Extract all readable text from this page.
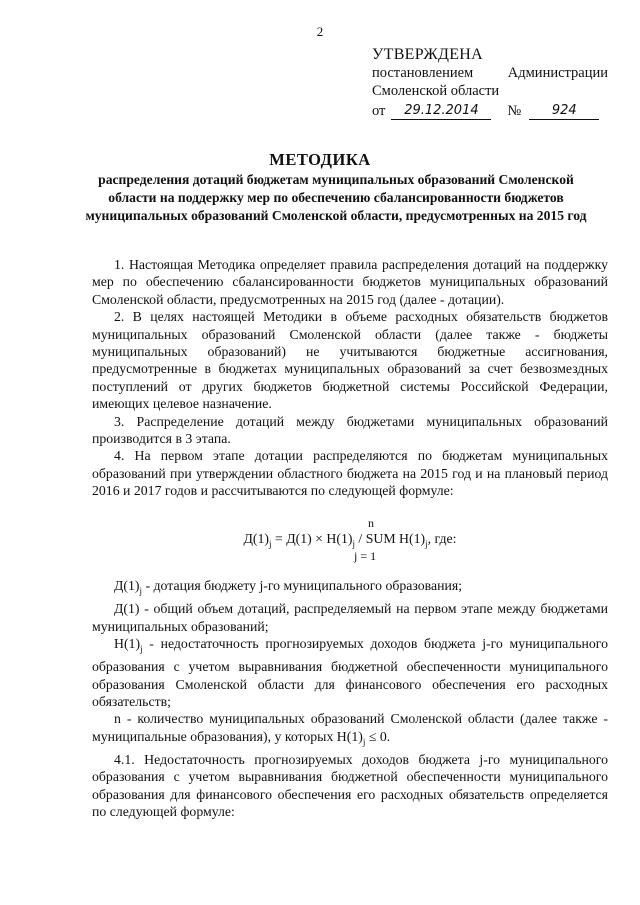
2
УТВЕРЖДЕНА
постановлением Администрации
Смоленской области
от	29.12.2014	№	924
МЕТОДИКА
распределения дотаций бюджетам муниципальных образований Смоленской области на поддержку мер по обеспечению сбалансированности бюджетов муниципальных образований Смоленской области, предусмотренных на 2015 год

1. Настоящая Методика определяет правила распределения дотаций на поддержку мер по обеспечению сбалансированности бюджетов муниципальных образований Смоленской области, предусмотренных на 2015 год (далее - дотации).

2. В целях настоящей Методики в объеме расходных обязательств бюджетов муниципальных образований Смоленской области (далее также - бюджеты муниципальных образований) не учитываются бюджетные ассигнования, предусмотренные в бюджетах муниципальных образований за счет безвозмездных поступлений от других бюджетов бюджетной системы Российской Федерации, имеющих целевое назначение.

3. Распределение дотаций между бюджетами муниципальных образований производится в 3 этапа.

4. На первом этапе дотации распределяются по бюджетам муниципальных образований при утверждении областного бюджета на 2015 год и на плановый период 2016 и 2017 годов и рассчитываются по следующей формуле:

n
$Д(1)_j = Д(1) \times Н(1)_j$ / SUM $Н(1)_j$, где:
j = 1

$Д(1)_j$ - дотация бюджету j-го муниципального образования;

Д(1) - общий объем дотаций, распределяемый на первом этапе между бюджетами муниципальных образований;

$Н(1)_j$ - недостаточность прогнозируемых доходов бюджета j-го муниципального образования с учетом выравнивания бюджетной обеспеченности муниципального образования Смоленской области для финансового обеспечения его расходных обязательств;

n - количество муниципальных образований Смоленской области (далее также - муниципальные образования), у которых $Н(1)_j \le 0$.

4.1. Недостаточность прогнозируемых доходов бюджета j-го муниципального образования с учетом выравнивания бюджетной обеспеченности муниципального образования для финансового обеспечения его расходных обязательств определяется по следующей формуле:
